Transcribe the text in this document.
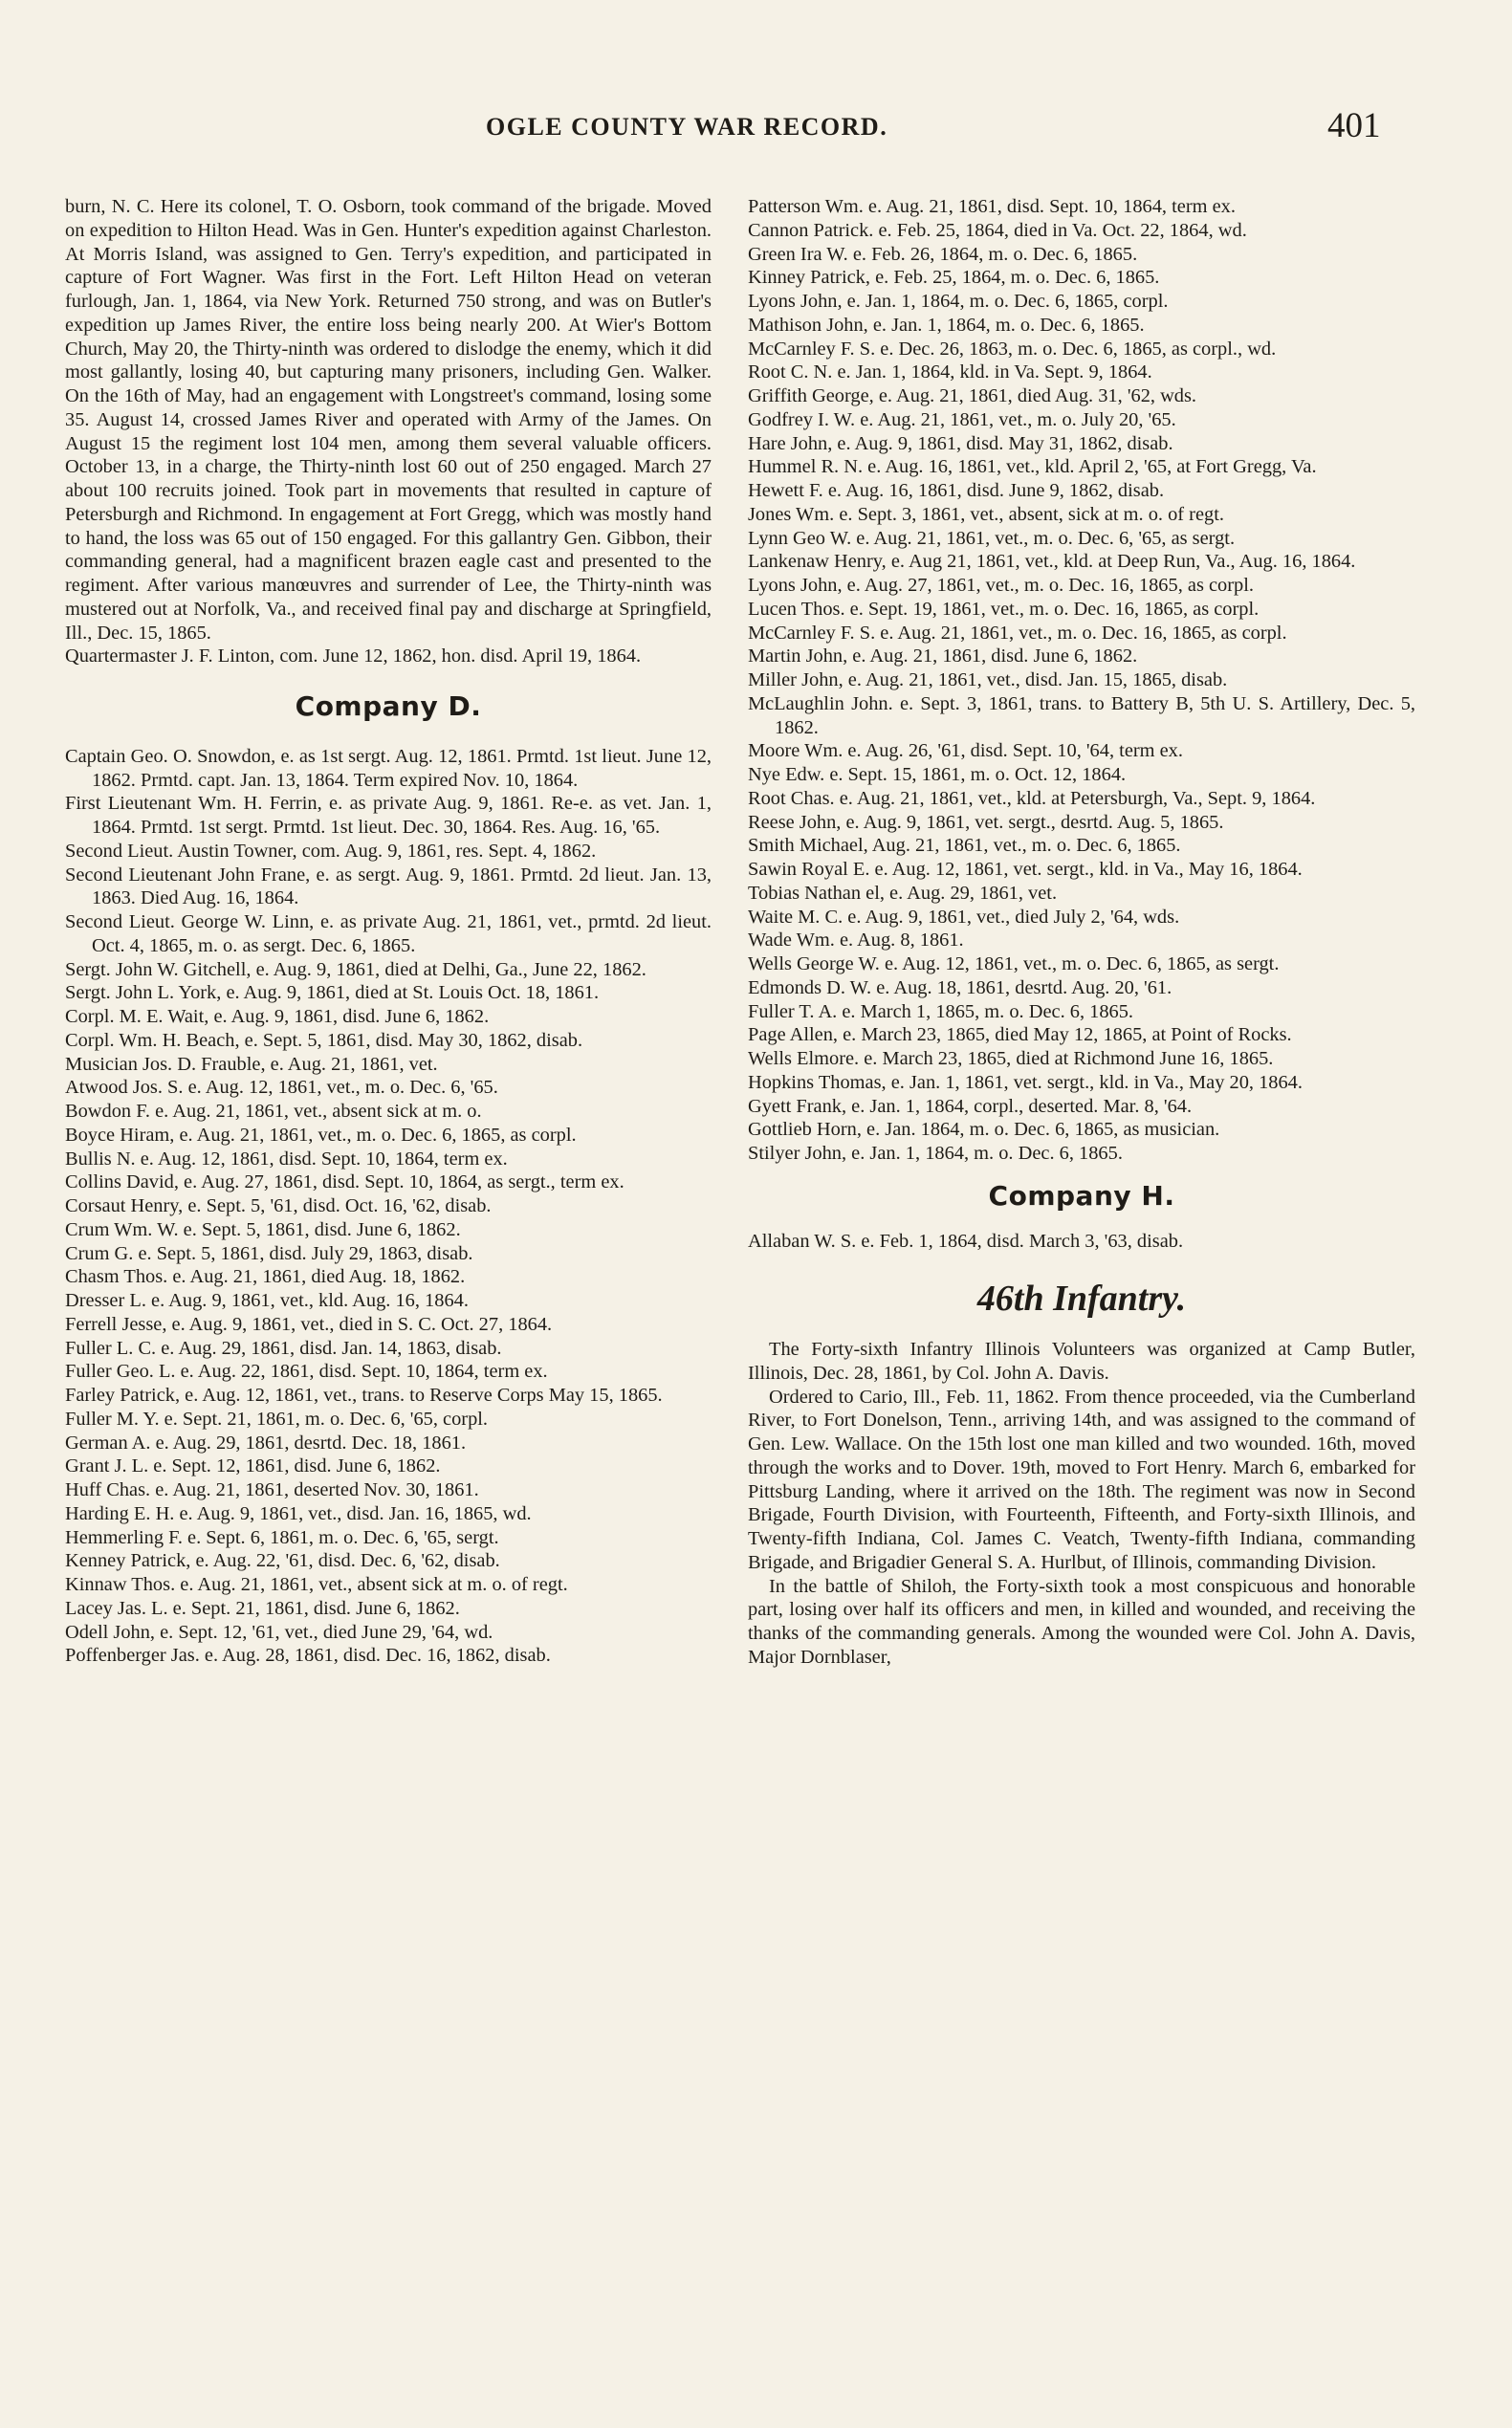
OGLE COUNTY WAR RECORD.	401

burn, N. C. Here its colonel, T. O. Osborn, took command of the brigade. Moved on expedition to Hilton Head. Was in Gen. Hunter's expedition against Charleston. At Morris Island, was assigned to Gen. Terry's expedition, and participated in capture of Fort Wagner. Was first in the Fort. Left Hilton Head on veteran furlough, Jan. 1, 1864, via New York. Returned 750 strong, and was on Butler's expedition up James River, the entire loss being nearly 200. At Wier's Bottom Church, May 20, the Thirty-ninth was ordered to dislodge the enemy, which it did most gallantly, losing 40, but capturing many prisoners, including Gen. Walker. On the 16th of May, had an engagement with Longstreet's command, losing some 35. August 14, crossed James River and operated with Army of the James. On August 15 the regiment lost 104 men, among them several valuable officers. October 13, in a charge, the Thirty-ninth lost 60 out of 250 engaged. March 27 about 100 recruits joined. Took part in movements that resulted in capture of Petersburgh and Richmond. In engagement at Fort Gregg, which was mostly hand to hand, the loss was 65 out of 150 engaged. For this gallantry Gen. Gibbon, their commanding general, had a magnificent brazen eagle cast and presented to the regiment. After various manœuvres and surrender of Lee, the Thirty-ninth was mustered out at Norfolk, Va., and received final pay and discharge at Springfield, Ill., Dec. 15, 1865.

Quartermaster J. F. Linton, com. June 12, 1862, hon. disd. April 19, 1864.

Company D.

Captain Geo. O. Snowdon, e. as 1st sergt. Aug. 12, 1861. Prmtd. 1st lieut. June 12, 1862. Prmtd. capt. Jan. 13, 1864. Term expired Nov. 10, 1864.

First Lieutenant Wm. H. Ferrin, e. as private Aug. 9, 1861. Re-e. as vet. Jan. 1, 1864. Prmtd. 1st sergt. Prmtd. 1st lieut. Dec. 30, 1864. Res. Aug. 16, '65.

Second Lieut. Austin Towner, com. Aug. 9, 1861, res. Sept. 4, 1862.

Second Lieutenant John Frane, e. as sergt. Aug. 9, 1861. Prmtd. 2d lieut. Jan. 13, 1863. Died Aug. 16, 1864.

Second Lieut. George W. Linn, e. as private Aug. 21, 1861, vet., prmtd. 2d lieut. Oct. 4, 1865, m. o. as sergt. Dec. 6, 1865.

Sergt. John W. Gitchell, e. Aug. 9, 1861, died at Delhi, Ga., June 22, 1862.

Sergt. John L. York, e. Aug. 9, 1861, died at St. Louis Oct. 18, 1861.

Corpl. M. E. Wait, e. Aug. 9, 1861, disd. June 6, 1862.

Corpl. Wm. H. Beach, e. Sept. 5, 1861, disd. May 30, 1862, disab.

Musician Jos. D. Frauble, e. Aug. 21, 1861, vet.

Atwood Jos. S. e. Aug. 12, 1861, vet., m. o. Dec. 6, '65.

Bowdon F. e. Aug. 21, 1861, vet., absent sick at m. o.

Boyce Hiram, e. Aug. 21, 1861, vet., m. o. Dec. 6, 1865, as corpl.

Bullis N. e. Aug. 12, 1861, disd. Sept. 10, 1864, term ex.

Collins David, e. Aug. 27, 1861, disd. Sept. 10, 1864, as sergt., term ex.

Corsaut Henry, e. Sept. 5, '61, disd. Oct. 16, '62, disab.

Crum Wm. W. e. Sept. 5, 1861, disd. June 6, 1862.

Crum G. e. Sept. 5, 1861, disd. July 29, 1863, disab.

Chasm Thos. e. Aug. 21, 1861, died Aug. 18, 1862.

Dresser L. e. Aug. 9, 1861, vet., kld. Aug. 16, 1864.

Ferrell Jesse, e. Aug. 9, 1861, vet., died in S. C. Oct. 27, 1864.

Fuller L. C. e. Aug. 29, 1861, disd. Jan. 14, 1863, disab.

Fuller Geo. L. e. Aug. 22, 1861, disd. Sept. 10, 1864, term ex.

Farley Patrick, e. Aug. 12, 1861, vet., trans. to Reserve Corps May 15, 1865.

Fuller M. Y. e. Sept. 21, 1861, m. o. Dec. 6, '65, corpl.

German A. e. Aug. 29, 1861, desrtd. Dec. 18, 1861.

Grant J. L. e. Sept. 12, 1861, disd. June 6, 1862.

Huff Chas. e. Aug. 21, 1861, deserted Nov. 30, 1861.

Harding E. H. e. Aug. 9, 1861, vet., disd. Jan. 16, 1865, wd.

Hemmerling F. e. Sept. 6, 1861, m. o. Dec. 6, '65, sergt.

Kenney Patrick, e. Aug. 22, '61, disd. Dec. 6, '62, disab.

Kinnaw Thos. e. Aug. 21, 1861, vet., absent sick at m. o. of regt.

Lacey Jas. L. e. Sept. 21, 1861, disd. June 6, 1862.

Odell John, e. Sept. 12, '61, vet., died June 29, '64, wd.

Poffenberger Jas. e. Aug. 28, 1861, disd. Dec. 16, 1862, disab.

Patterson Wm. e. Aug. 21, 1861, disd. Sept. 10, 1864, term ex.

Cannon Patrick. e. Feb. 25, 1864, died in Va. Oct. 22, 1864, wd.

Green Ira W. e. Feb. 26, 1864, m. o. Dec. 6, 1865.

Kinney Patrick, e. Feb. 25, 1864, m. o. Dec. 6, 1865.

Lyons John, e. Jan. 1, 1864, m. o. Dec. 6, 1865, corpl.

Mathison John, e. Jan. 1, 1864, m. o. Dec. 6, 1865.

McCarnley F. S. e. Dec. 26, 1863, m. o. Dec. 6, 1865, as corpl., wd.

Root C. N. e. Jan. 1, 1864, kld. in Va. Sept. 9, 1864.

Griffith George, e. Aug. 21, 1861, died Aug. 31, '62, wds.

Godfrey I. W. e. Aug. 21, 1861, vet., m. o. July 20, '65.

Hare John, e. Aug. 9, 1861, disd. May 31, 1862, disab.

Hummel R. N. e. Aug. 16, 1861, vet., kld. April 2, '65, at Fort Gregg, Va.

Hewett F. e. Aug. 16, 1861, disd. June 9, 1862, disab.

Jones Wm. e. Sept. 3, 1861, vet., absent, sick at m. o. of regt.

Lynn Geo W. e. Aug. 21, 1861, vet., m. o. Dec. 6, '65, as sergt.

Lankenaw Henry, e. Aug 21, 1861, vet., kld. at Deep Run, Va., Aug. 16, 1864.

Lyons John, e. Aug. 27, 1861, vet., m. o. Dec. 16, 1865, as corpl.

Lucen Thos. e. Sept. 19, 1861, vet., m. o. Dec. 16, 1865, as corpl.

McCarnley F. S. e. Aug. 21, 1861, vet., m. o. Dec. 16, 1865, as corpl.

Martin John, e. Aug. 21, 1861, disd. June 6, 1862.

Miller John, e. Aug. 21, 1861, vet., disd. Jan. 15, 1865, disab.

McLaughlin John. e. Sept. 3, 1861, trans. to Battery B, 5th U. S. Artillery, Dec. 5, 1862.

Moore Wm. e. Aug. 26, '61, disd. Sept. 10, '64, term ex.

Nye Edw. e. Sept. 15, 1861, m. o. Oct. 12, 1864.

Root Chas. e. Aug. 21, 1861, vet., kld. at Petersburgh, Va., Sept. 9, 1864.

Reese John, e. Aug. 9, 1861, vet. sergt., desrtd. Aug. 5, 1865.

Smith Michael, Aug. 21, 1861, vet., m. o. Dec. 6, 1865.

Sawin Royal E. e. Aug. 12, 1861, vet. sergt., kld. in Va., May 16, 1864.

Tobias Nathan el, e. Aug. 29, 1861, vet.

Waite M. C. e. Aug. 9, 1861, vet., died July 2, '64, wds.

Wade Wm. e. Aug. 8, 1861.

Wells George W. e. Aug. 12, 1861, vet., m. o. Dec. 6, 1865, as sergt.

Edmonds D. W. e. Aug. 18, 1861, desrtd. Aug. 20, '61.

Fuller T. A. e. March 1, 1865, m. o. Dec. 6, 1865.

Page Allen, e. March 23, 1865, died May 12, 1865, at Point of Rocks.

Wells Elmore. e. March 23, 1865, died at Richmond June 16, 1865.

Hopkins Thomas, e. Jan. 1, 1861, vet. sergt., kld. in Va., May 20, 1864.

Gyett Frank, e. Jan. 1, 1864, corpl., deserted. Mar. 8, '64.

Gottlieb Horn, e. Jan. 1864, m. o. Dec. 6, 1865, as musician.

Stilyer John, e. Jan. 1, 1864, m. o. Dec. 6, 1865.

Company H.

Allaban W. S. e. Feb. 1, 1864, disd. March 3, '63, disab.

46th Infantry.

The Forty-sixth Infantry Illinois Volunteers was organized at Camp Butler, Illinois, Dec. 28, 1861, by Col. John A. Davis.

Ordered to Cario, Ill., Feb. 11, 1862. From thence proceeded, via the Cumberland River, to Fort Donelson, Tenn., arriving 14th, and was assigned to the command of Gen. Lew. Wallace. On the 15th lost one man killed and two wounded. 16th, moved through the works and to Dover. 19th, moved to Fort Henry. March 6, embarked for Pittsburg Landing, where it arrived on the 18th. The regiment was now in Second Brigade, Fourth Division, with Fourteenth, Fifteenth, and Forty-sixth Illinois, and Twenty-fifth Indiana, Col. James C. Veatch, Twenty-fifth Indiana, commanding Brigade, and Brigadier General S. A. Hurlbut, of Illinois, commanding Division.

In the battle of Shiloh, the Forty-sixth took a most conspicuous and honorable part, losing over half its officers and men, in killed and wounded, and receiving the thanks of the commanding generals. Among the wounded were Col. John A. Davis, Major Dornblaser,
